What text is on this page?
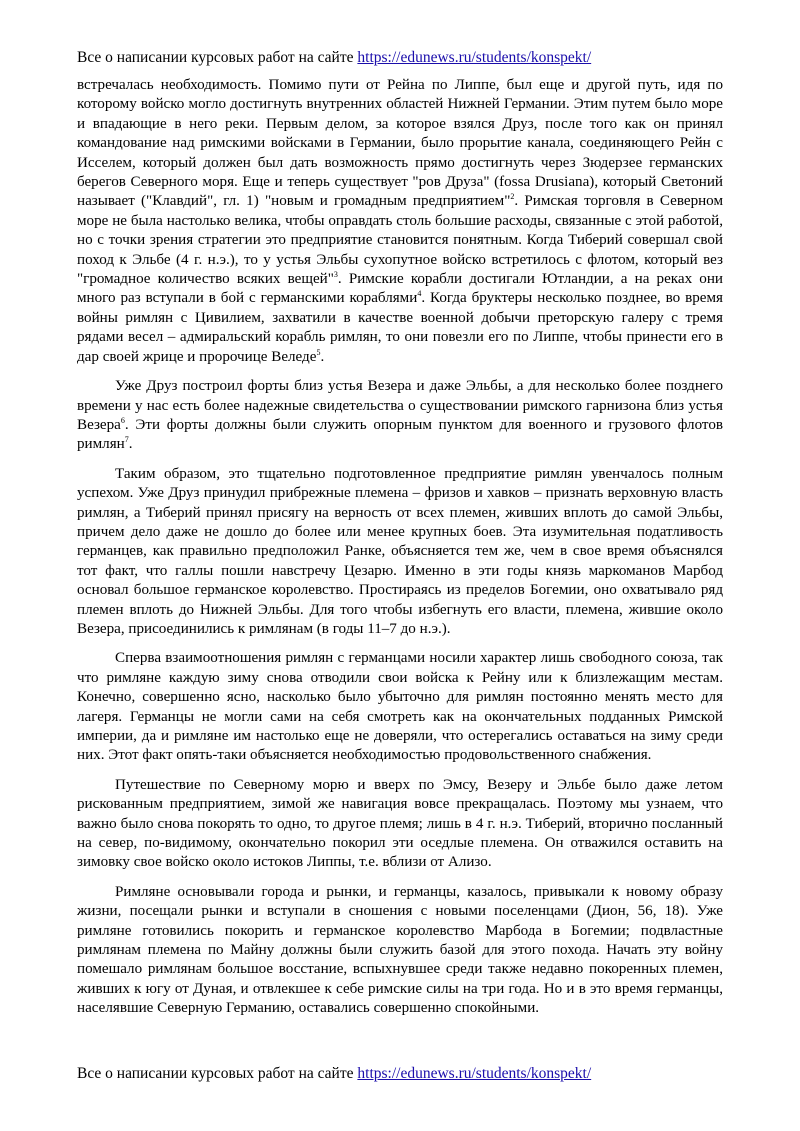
Все о написании курсовых работ на сайте https://edunews.ru/students/konspekt/

встречалась необходимость. Помимо пути от Рейна по Липпе, был еще и другой путь, идя по которому войско могло достигнуть внутренних областей Нижней Германии. Этим путем было море и впадающие в него реки. Первым делом, за которое взялся Друз, после того как он принял командование над римскими войсками в Германии, было прорытие канала, соединяющего Рейн с Исселем, который должен был дать возможность прямо достигнуть через Зюдерзее германских берегов Северного моря. Еще и теперь существует "ров Друза" (fossa Drusiana), который Светоний называет ("Клавдий", гл. 1) "новым и громадным предприятием"$^2$. Римская торговля в Северном море не была настолько велика, чтобы оправдать столь большие расходы, связанные с этой работой, но с точки зрения стратегии это предприятие становится понятным. Когда Тиберий совершал свой поход к Эльбе (4 г. н.э.), то у устья Эльбы сухопутное войско встретилось с флотом, который вез "громадное количество всяких вещей"$^3$. Римские корабли достигали Ютландии, а на реках они много раз вступали в бой с германскими кораблями$^4$. Когда бруктеры несколько позднее, во время войны римлян с Цивилием, захватили в качестве военной добычи преторскую галеру с тремя рядами весел – адмиральский корабль римлян, то они повезли его по Липпе, чтобы принести его в дар своей жрице и пророчице Веледе$^5$.

Уже Друз построил форты близ устья Везера и даже Эльбы, а для несколько более позднего времени у нас есть более надежные свидетельства о существовании римского гарнизона близ устья Везера$^6$. Эти форты должны были служить опорным пунктом для военного и грузового флотов римлян$^7$.

Таким образом, это тщательно подготовленное предприятие римлян увенчалось полным успехом. Уже Друз принудил прибрежные племена – фризов и хавков – признать верховную власть римлян, а Тиберий принял присягу на верность от всех племен, живших вплоть до самой Эльбы, причем дело даже не дошло до более или менее крупных боев. Эта изумительная податливость германцев, как правильно предположил Ранке, объясняется тем же, чем в свое время объяснялся тот факт, что галлы пошли навстречу Цезарю. Именно в эти годы князь маркоманов Марбод основал большое германское королевство. Простираясь из пределов Богемии, оно охватывало ряд племен вплоть до Нижней Эльбы. Для того чтобы избегнуть его власти, племена, жившие около Везера, присоединились к римлянам (в годы 11–7 до н.э.).

Сперва взаимоотношения римлян с германцами носили характер лишь свободного союза, так что римляне каждую зиму снова отводили свои войска к Рейну или к близлежащим местам. Конечно, совершенно ясно, насколько было убыточно для римлян постоянно менять место для лагеря. Германцы не могли сами на себя смотреть как на окончательных подданных Римской империи, да и римляне им настолько еще не доверяли, что остерегались оставаться на зиму среди них. Этот факт опять-таки объясняется необходимостью продовольственного снабжения.

Путешествие по Северному морю и вверх по Эмсу, Везеру и Эльбе было даже летом рискованным предприятием, зимой же навигация вовсе прекращалась. Поэтому мы узнаем, что важно было снова покорять то одно, то другое племя; лишь в 4 г. н.э. Тиберий, вторично посланный на север, по-видимому, окончательно покорил эти оседлые племена. Он отважился оставить на зимовку свое войско около истоков Липпы, т.е. вблизи от Ализо.

Римляне основывали города и рынки, и германцы, казалось, привыкали к новому образу жизни, посещали рынки и вступали в сношения с новыми поселенцами (Дион, 56, 18). Уже римляне готовились покорить и германское королевство Марбода в Богемии; подвластные римлянам племена по Майну должны были служить базой для этого похода. Начать эту войну помешало римлянам большое восстание, вспыхнувшее среди также недавно покоренных племен, живших к югу от Дуная, и отвлекшее к себе римские силы на три года. Но и в это время германцы, населявшие Северную Германию, оставались совершенно спокойными.

Все о написании курсовых работ на сайте https://edunews.ru/students/konspekt/
